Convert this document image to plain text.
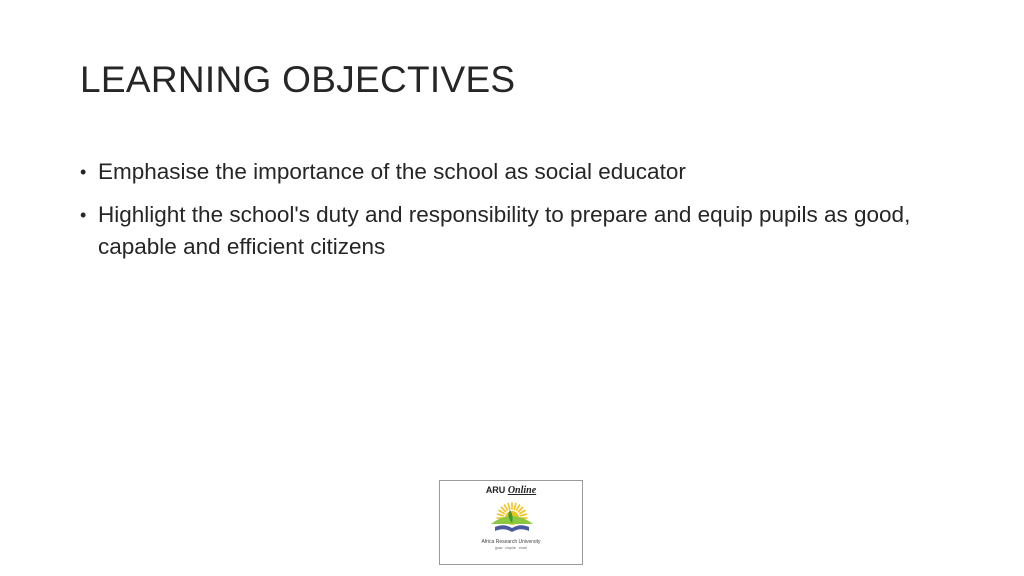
LEARNING OBJECTIVES
• Emphasise the importance of the school as social educator
• Highlight the school's duty and responsibility to prepare and equip pupils as good, capable and efficient citizens
ARU Online
Africa Research University
grow · inspire · excel
